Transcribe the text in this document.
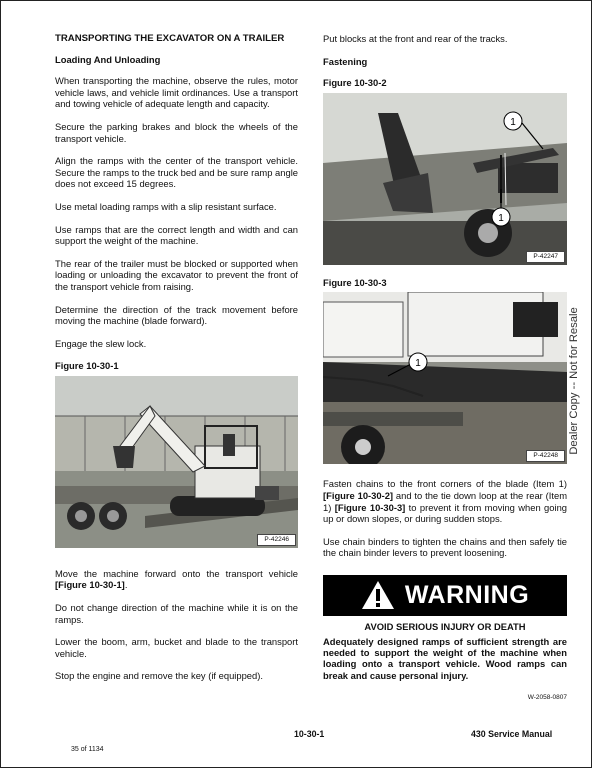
TRANSPORTING THE EXCAVATOR ON A TRAILER
Loading And Unloading

When transporting the machine, observe the rules, motor vehicle laws, and vehicle limit ordinances. Use a transport and towing vehicle of adequate length and capacity.

Secure the parking brakes and block the wheels of the transport vehicle.

Align the ramps with the center of the transport vehicle. Secure the ramps to the truck bed and be sure ramp angle does not exceed 15 degrees.

Use metal loading ramps with a slip resistant surface.

Use ramps that are the correct length and width and can support the weight of the machine.

The rear of the trailer must be blocked or supported when loading or unloading the excavator to prevent the front of the transport vehicle from raising.

Determine the direction of the track movement before moving the machine (blade forward).

Engage the slew lock.

Figure 10-30-1
P-42246

Move the machine forward onto the transport vehicle [Figure 10-30-1].

Do not change direction of the machine while it is on the ramps.

Lower the boom, arm, bucket and blade to the transport vehicle.

Stop the engine and remove the key (if equipped).

Put blocks at the front and rear of the tracks.

Fastening
Figure 10-30-2
1
1
P-42247
Figure 10-30-3
1
P-42248

Fasten chains to the front corners of the blade (Item 1) [Figure 10-30-2] and to the tie down loop at the rear (Item 1) [Figure 10-30-3] to prevent it from moving when going up or down slopes, or during sudden stops.

Use chain binders to tighten the chains and then safely tie the chain binder levers to prevent loosening.

WARNING
AVOID SERIOUS INJURY OR DEATH

Adequately designed ramps of sufficient strength are needed to support the weight of the machine when loading onto a transport vehicle. Wood ramps can break and cause personal injury.

W-2058-0807
Dealer Copy -- Not for Resale
10-30-1	430 Service Manual
35 of 1134
